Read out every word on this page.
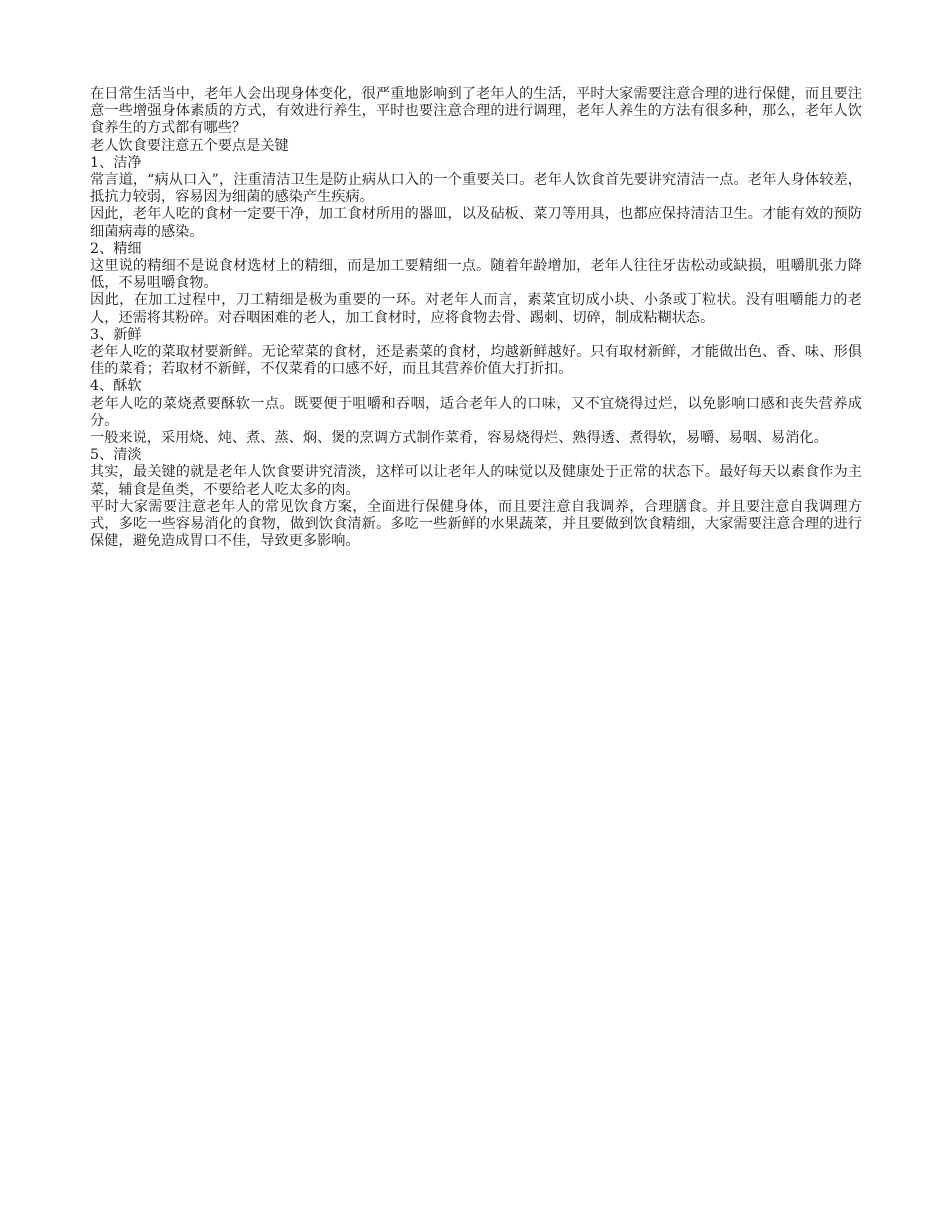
在日常生活当中，老年人会出现身体变化，很严重地影响到了老年人的生活，平时大家需要注意合理的进行保健，而且要注意一些增强身体素质的方式，有效进行养生，平时也要注意合理的进行调理，老年人养生的方法有很多种，那么，老年人饮食养生的方式都有哪些？

老人饮食要注意五个要点是关键

1、洁净

常言道，“病从口入”，注重清洁卫生是防止病从口入的一个重要关口。老年人饮食首先要讲究清洁一点。老年人身体较差，抵抗力较弱，容易因为细菌的感染产生疾病。

因此，老年人吃的食材一定要干净，加工食材所用的器皿，以及砧板、菜刀等用具，也都应保持清洁卫生。才能有效的预防细菌病毒的感染。

2、精细

这里说的精细不是说食材选材上的精细，而是加工要精细一点。随着年龄增加，老年人往往牙齿松动或缺损，咀嚼肌张力降低，不易咀嚼食物。

因此，在加工过程中，刀工精细是极为重要的一环。对老年人而言，素菜宜切成小块、小条或丁粒状。没有咀嚼能力的老人，还需将其粉碎。对吞咽困难的老人，加工食材时，应将食物去骨、踢刺、切碎，制成粘糊状态。

3、新鲜

老年人吃的菜取材要新鲜。无论荤菜的食材，还是素菜的食材，均越新鲜越好。只有取材新鲜，才能做出色、香、味、形俱佳的菜肴；若取材不新鲜，不仅菜肴的口感不好，而且其营养价值大打折扣。

4、酥软

老年人吃的菜烧煮要酥软一点。既要便于咀嚼和吞咽，适合老年人的口味，又不宜烧得过烂，以免影响口感和丧失营养成分。

一般来说，采用烧、炖、煮、蒸、焖、煲的烹调方式制作菜肴，容易烧得烂、熟得透、煮得软，易嚼、易咽、易消化。

5、清淡

其实，最关键的就是老年人饮食要讲究清淡，这样可以让老年人的味觉以及健康处于正常的状态下。最好每天以素食作为主菜，辅食是鱼类，不要给老人吃太多的肉。

平时大家需要注意老年人的常见饮食方案，全面进行保健身体，而且要注意自我调养，合理膳食。并且要注意自我调理方式，多吃一些容易消化的食物，做到饮食清新。多吃一些新鲜的水果蔬菜，并且要做到饮食精细，大家需要注意合理的进行保健，避免造成胃口不佳，导致更多影响。
